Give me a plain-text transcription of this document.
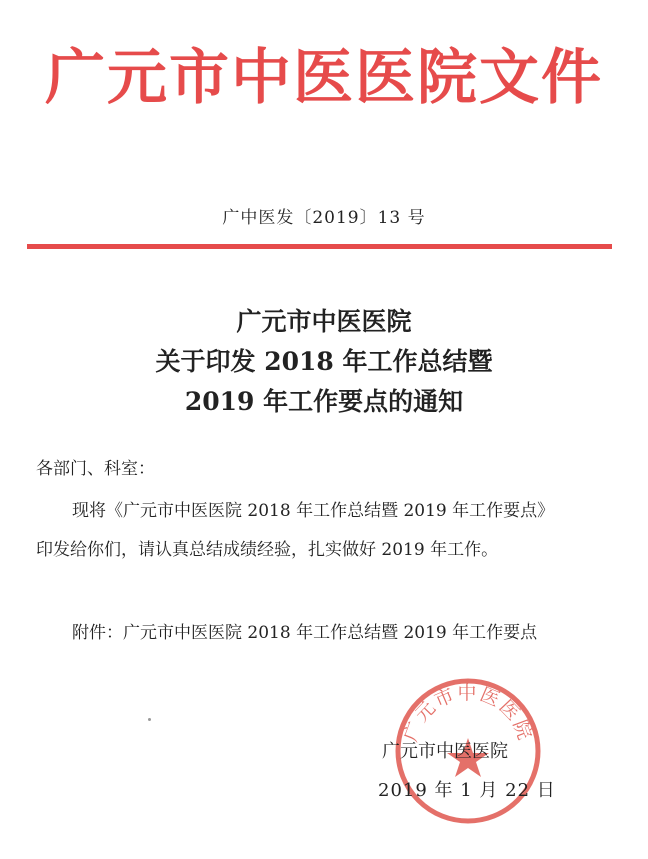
广元市中医医院文件
广中医发〔2019〕13 号
广元市中医医院
关于印发 2018 年工作总结暨
2019 年工作要点的通知
各部门、科室：
现将《广元市中医医院 2018 年工作总结暨 2019 年工作要点》
印发给你们，请认真总结成绩经验，扎实做好 2019 年工作。
附件：广元市中医医院 2018 年工作总结暨 2019 年工作要点
广元市中医医院
广元市中医医院
2019 年 1 月 22 日
